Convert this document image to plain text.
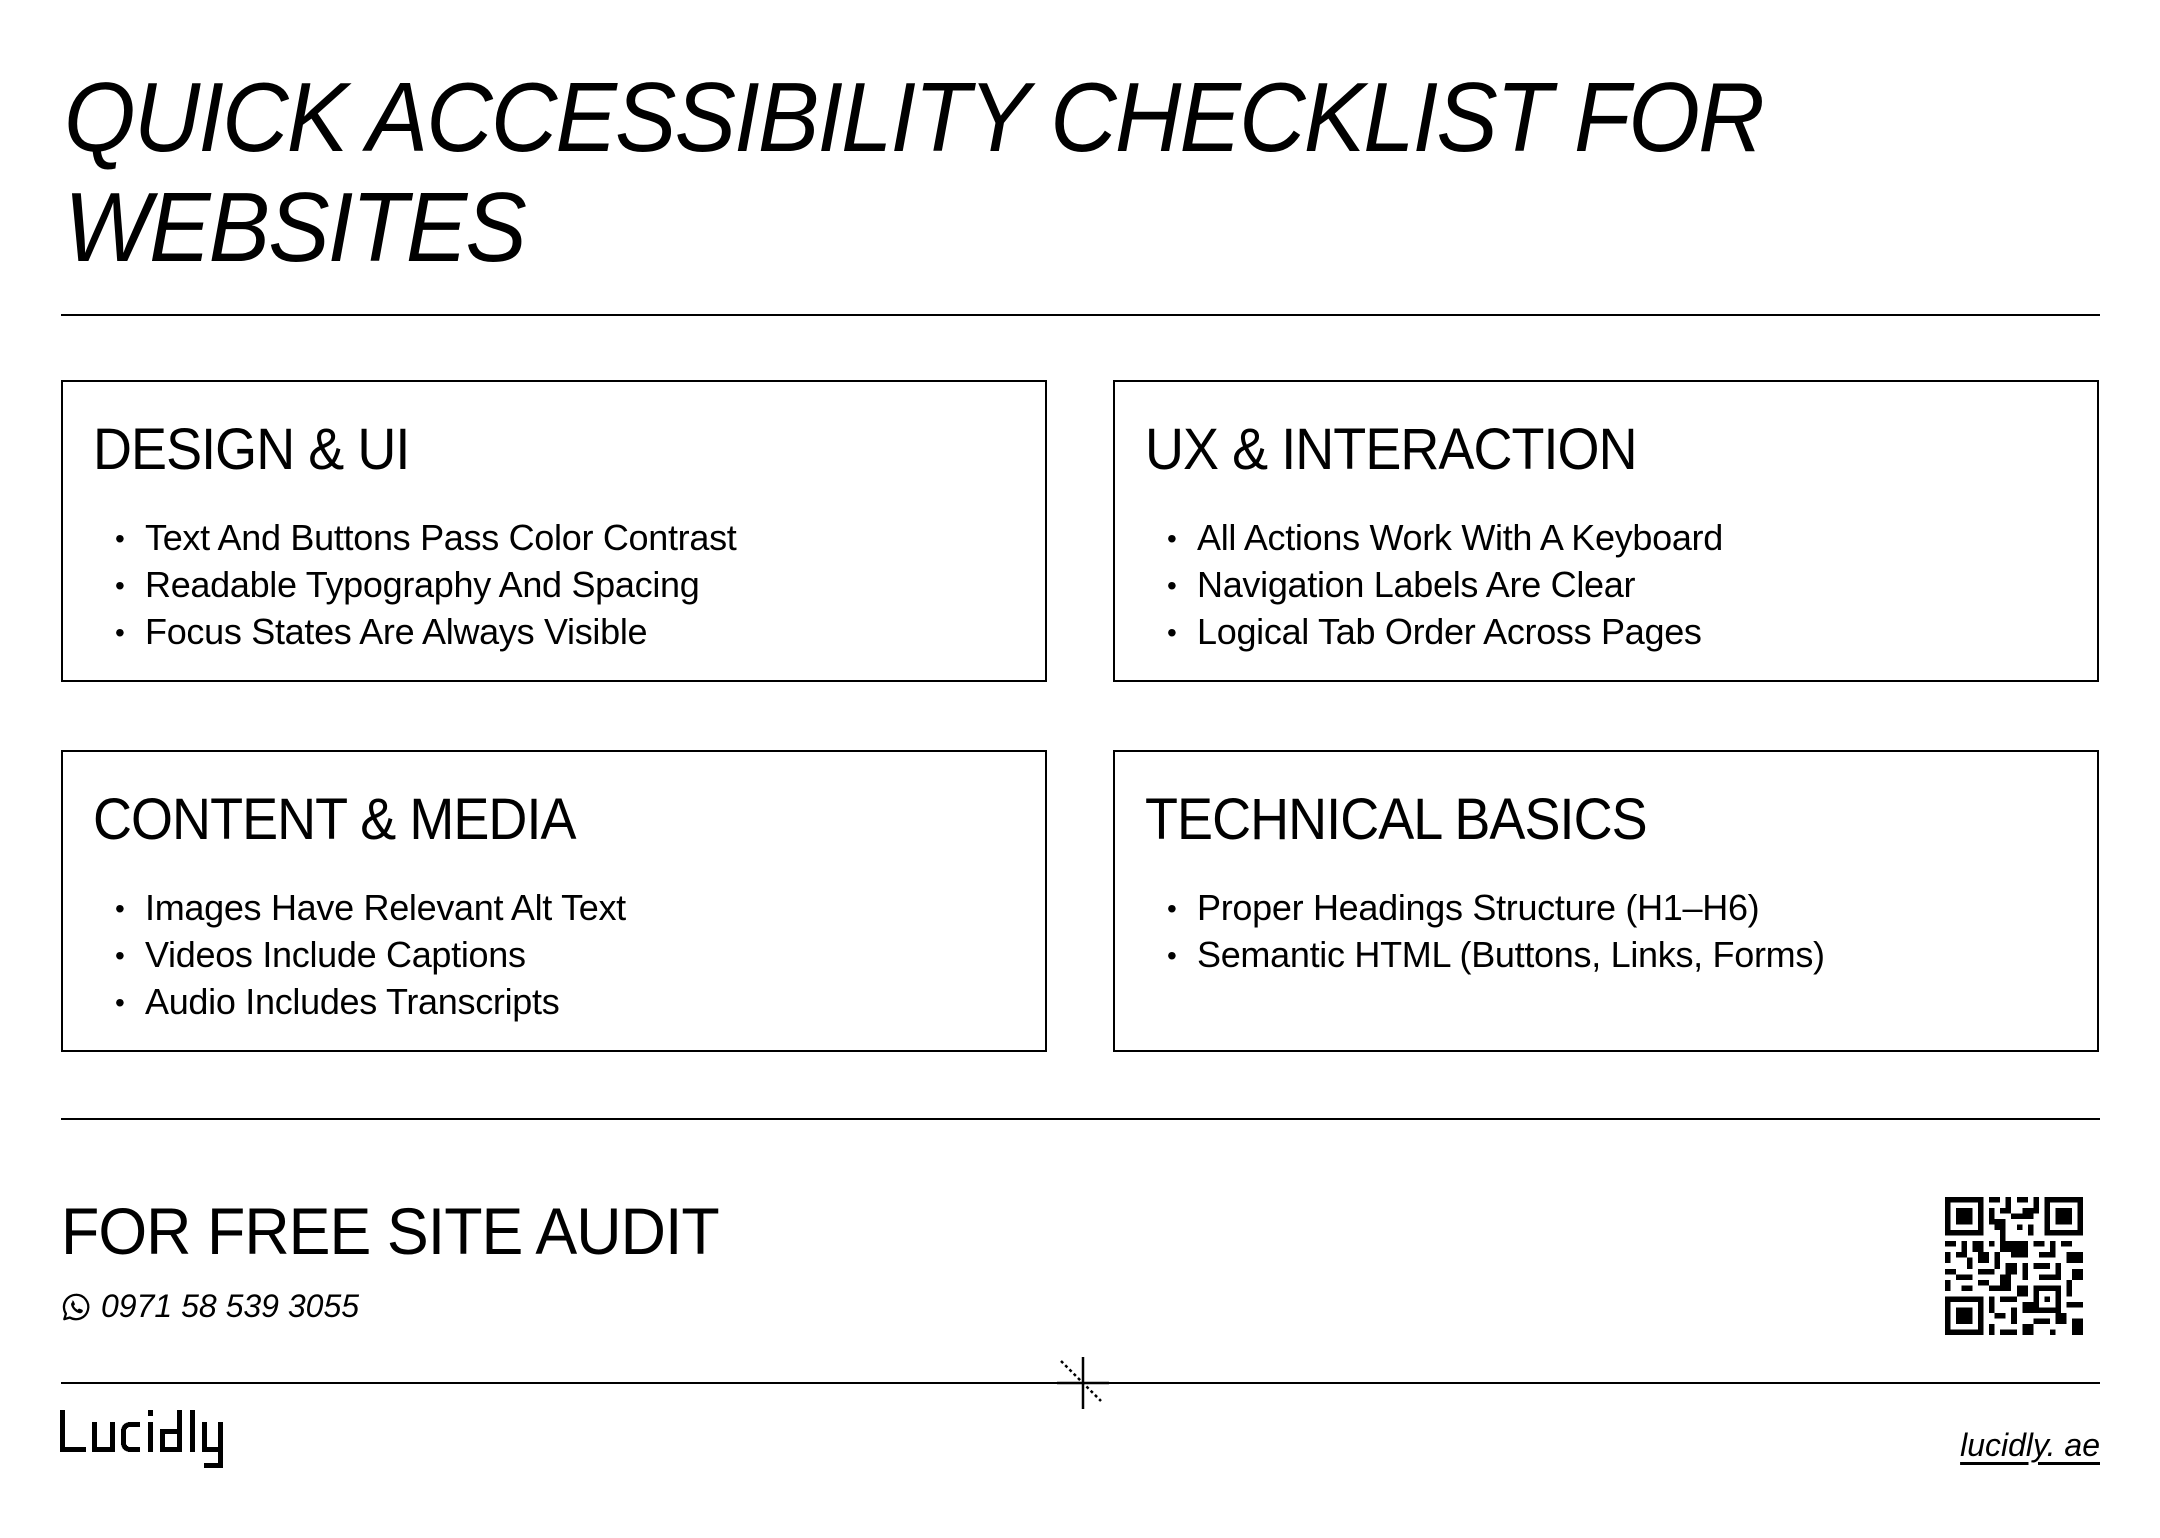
QUICK ACCESSIBILITY CHECKLIST FOR WEBSITES
DESIGN & UI
• Text And Buttons Pass Color Contrast
• Readable Typography And Spacing
• Focus States Are Always Visible
UX & INTERACTION
• All Actions Work With A Keyboard
• Navigation Labels Are Clear
• Logical Tab Order Across Pages
CONTENT & MEDIA
• Images Have Relevant Alt Text
• Videos Include Captions
• Audio Includes Transcripts
TECHNICAL BASICS
• Proper Headings Structure (H1–H6)
• Semantic HTML (Buttons, Links, Forms)
FOR FREE SITE AUDIT
0971 58 539 3055
lucidly. ae
